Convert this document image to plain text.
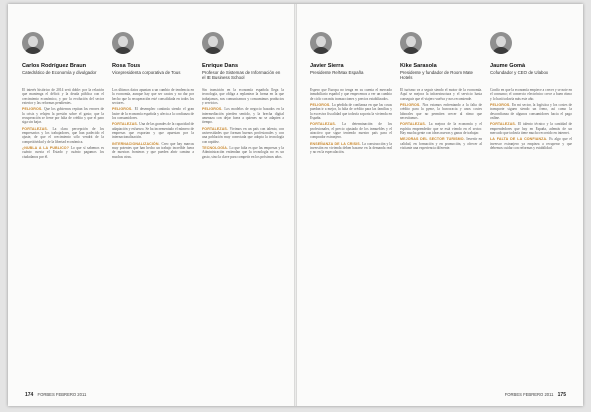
Carlos Rodríguez Braun
Catedrático de Economía y divulgador

El interés histórico de 2014 será doble: por la relación que mantenga el déficit y la deuda pública con el crecimiento económico, y por la evolución del sector exterior y las reformas pendientes.

PELIGROS. Que los gobiernos repitan los errores de la crisis y relajen la presión sobre el gasto; que la recuperación se frene por falta de crédito y que el paro siga sin bajar.

FORTALEZAS. La clara percepción de los empresarios y los trabajadores, que han padecido el ajuste, de que el crecimiento sólo vendrá de la competitividad y de la libertad económica.

¿NUBLA A LA PUBLICO? Lo que sí sabemos es cuánto cuesta el Estado y cuánto pagamos los ciudadanos por él.

Rosa Tous
Vicepresidenta corporativa de Tous

Los últimos datos apuntan a un cambio de tendencia en la economía, aunque hay que ser cautos y no dar por hecho que la recuperación esté consolidada en todos los sectores.

PELIGROS. El desempleo continúa siendo el gran lastre de la economía española y afecta a la confianza de los consumidores.

FORTALEZAS. Una de las grandes de la capacidad de adaptación y esfuerzo. Se ha incrementado el número de empresas que exportan y que apuestan por la internacionalización.

INTERNACIONALIZACIÓN. Creo que hay marcas muy potentes que han hecho un trabajo increíble fuera de nuestras fronteras y que pueden abrir camino a muchas otras.

Enrique Dans
Profesor de Sistemas de Información en el IE Business School

Sin transición en la economía española llega la tecnología, que obliga a replantear la forma en la que trabajamos, nos comunicamos y consumimos productos y servicios.

PELIGROS. Los modelos de negocio basados en la intermediación pierden sentido, y la brecha digital amenaza con dejar fuera a quienes no se adapten a tiempo.

FORTALEZAS. Vivimos en un país con talento, con universidades que forman buenos profesionales y con una población muy conectada que adopta la tecnología con rapidez.

TECNOLOGÍA. Lo que falta es que las empresas y la Administración entiendan que la tecnología no es un gasto, sino la clave para competir en los próximos años.

174 FORBES FEBRERO 2011
Javier Sierra
Presidente Re/Max España

Espero que Europa no tenga en su cuenta el mercado inmobiliario español y que empecemos a ver un cambio de ciclo con más transacciones y precios estabilizados.

PELIGROS. La pérdida de confianza en que las cosas puedan ir a mejor, la falta de crédito para las familias y la excesiva fiscalidad que todavía soporta la vivienda en España.

FORTALEZAS. La determinación de los profesionales, el precio ajustado de los inmuebles y el atractivo que sigue teniendo nuestro país para el comprador extranjero.

ENSEÑANZA DE LA CRISIS. La construcción y la inversión en vivienda deben basarse en la demanda real y no en la especulación.

Kike Sarasola
Presidente y fundador de Room Mate Hotels

El turismo va a seguir siendo el motor de la economía. Aquí se mejora la infraestructura y el servicio hasta conseguir que el viajero vuelva y nos recomiende.

PELIGROS. Nos estamos enfrentando a la falta de crédito para la pyme, la burocracia y unos costes laborales que no permiten crecer al ritmo que necesitamos.

FORTALEZAS. La mejora de la economía y el espíritu emprendedor que se está viendo en el sector. Hay mucha gente con ideas nuevas y ganas de trabajar.

MEJORAS DEL SECTOR TURISMO. Invertir en calidad, en formación y en promoción, y ofrecer al visitante una experiencia diferente.

Jaume Gomà
Cofundador y CEO de Ulabox

Confío en que la economía empiece a crecer y se note en el consumo; el comercio electrónico crece a buen ritmo y lo hará todavía más este año.

PELIGROS. En mi sector, la logística y los costes de transporte siguen siendo un freno, así como la desconfianza de algunos consumidores hacia el pago online.

FORTALEZAS. El talento técnico y la cantidad de emprendedores que hay en España, además de un mercado que todavía tiene mucho recorrido en internet.

LA FALTA DE LA CONFIANZA. Es algo que el inversor extranjero ya empieza a recuperar y que debemos cuidar con reformas y estabilidad.

FORBES FEBRERO 2011 175
